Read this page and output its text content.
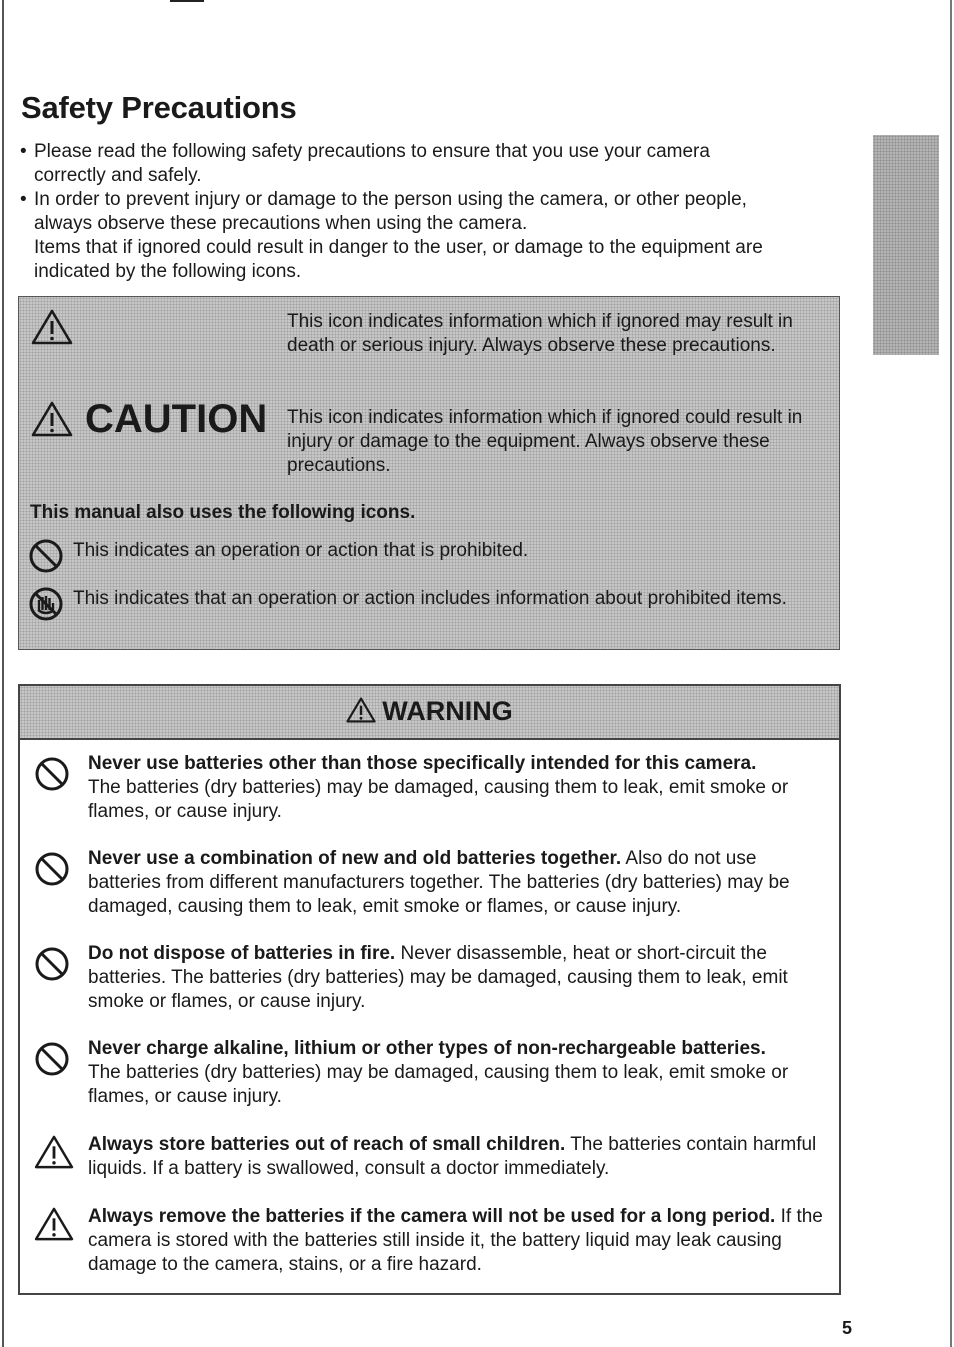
Safety Precautions
• Please read the following safety precautions to ensure that you use your camera
correctly and safely.
• In order to prevent injury or damage to the person using the camera, or other people,
always observe these precautions when using the camera.
Items that if ignored could result in danger to the user, or damage to the equipment are
indicated by the following icons.
This icon indicates information which if ignored may result in death or serious injury. Always observe these precautions.
CAUTION This icon indicates information which if ignored could result in injury or damage to the equipment. Always observe these precautions.
This manual also uses the following icons.
This indicates an operation or action that is prohibited.
This indicates that an operation or action includes information about prohibited items.
WARNING
Never use batteries other than those specifically intended for this camera.
The batteries (dry batteries) may be damaged, causing them to leak, emit smoke or flames, or cause injury.
Never use a combination of new and old batteries together. Also do not use batteries from different manufacturers together. The batteries (dry batteries) may be damaged, causing them to leak, emit smoke or flames, or cause injury.
Do not dispose of batteries in fire. Never disassemble, heat or short-circuit the batteries. The batteries (dry batteries) may be damaged, causing them to leak, emit smoke or flames, or cause injury.
Never charge alkaline, lithium or other types of non-rechargeable batteries.
The batteries (dry batteries) may be damaged, causing them to leak, emit smoke or flames, or cause injury.
Always store batteries out of reach of small children. The batteries contain harmful liquids. If a battery is swallowed, consult a doctor immediately.
Always remove the batteries if the camera will not be used for a long period. If the camera is stored with the batteries still inside it, the battery liquid may leak causing damage to the camera, stains, or a fire hazard.
5
